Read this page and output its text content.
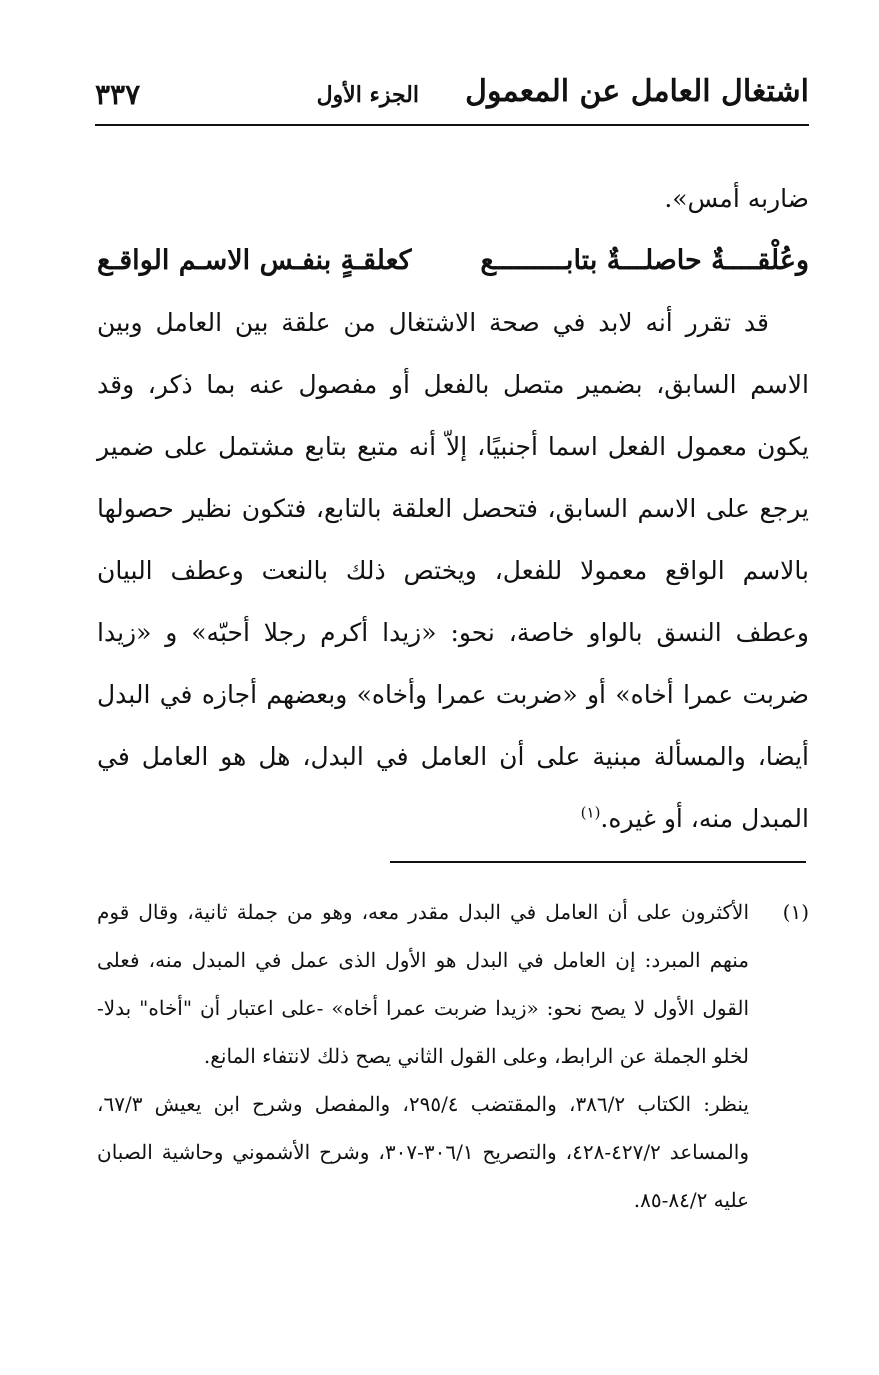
اشتغال العامل عن المعمول
الجزء الأول
٣٣٧

ضاربه أمس».

وعُلْقــــةٌ حاصلـــةٌ بتابـــــــــع
كعلقـةٍ بنفـس الاسـم الواقـع

قد تقرر أنه لابد في صحة الاشتغال من علقة بين العامل وبين الاسم السابق، بضمير متصل بالفعل أو مفصول عنه بما ذكر، وقد يكون معمول الفعل اسما أجنبيًا، إلاّ أنه متبع بتابع مشتمل على ضمير يرجع على الاسم السابق، فتحصل العلقة بالتابع، فتكون نظير حصولها بالاسم الواقع معمولا للفعل، ويختص ذلك بالنعت وعطف البيان وعطف النسق بالواو خاصة، نحو: «زيدا أكرم رجلا أحبّه» و «زيدا ضربت عمرا أخاه» أو «ضربت عمرا وأخاه» وبعضهم أجازه في البدل أيضا، والمسألة مبنية على أن العامل في البدل، هل هو العامل في المبدل منه، أو غيره.$^{(١)}$

(١)

الأكثرون على أن العامل في البدل مقدر معه، وهو من جملة ثانية، وقال قوم منهم المبرد: إن العامل في البدل هو الأول الذى عمل في المبدل منه، فعلى القول الأول لا يصح نحو: «زيدا ضربت عمرا أخاه» -على اعتبار أن "أخاه" بدلا- لخلو الجملة عن الرابط، وعلى القول الثاني يصح ذلك لانتفاء المانع.

ينظر: الكتاب ٣٨٦/٢، والمقتضب ٢٩٥/٤، والمفصل وشرح ابن يعيش ٦٧/٣، والمساعد ٤٢٧/٢-٤٢٨، والتصريح ٣٠٦/١-٣٠٧، وشرح الأشموني وحاشية الصبان عليه ٨٤/٢-٨٥.
